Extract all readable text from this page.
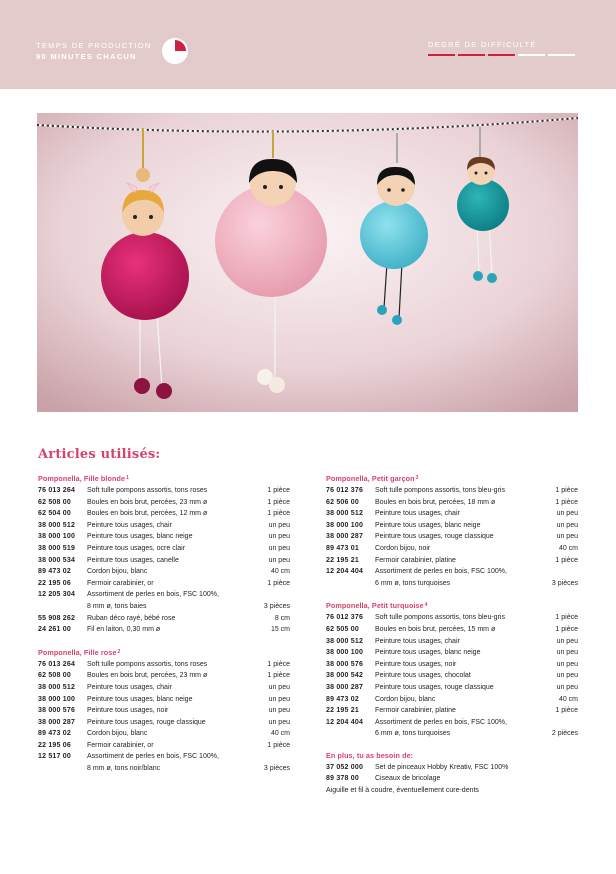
TEMPS DE PRODUCTION
90 MINUTES CHACUN
DEGRÉ DE DIFFICULTÉ
Articles utilisés:
Pomponella, Fille blonde$^1$
76 013 264	Soft tulle pompons assortis, tons roses	1 pièce
62 508 00	Boules en bois brut, percées, 23 mm ø	1 pièce
62 504 00	Boules en bois brut, percées, 12 mm ø	1 pièce
38 000 512	Peinture tous usages, chair	un peu
38 000 100	Peinture tous usages, blanc neige	un peu
38 000 519	Peinture tous usages, ocre clair	un peu
38 000 534	Peinture tous usages, canelle	un peu
89 473 02	Cordon bijou, blanc	40 cm
22 195 06	Fermoir carabinier, or	1 pièce
12 205 304	Assortiment de perles en bois, FSC 100%,
8 mm ø, tons baies	3 pièces
55 908 262	Ruban déco rayé, bébé rose	8 cm
24 261 00	Fil en laiton, 0,30 mm ø	15 cm
Pomponella, Fille rose$^2$
76 013 264	Soft tulle pompons assortis, tons roses	1 pièce
62 508 00	Boules en bois brut, percées, 23 mm ø	1 pièce
38 000 512	Peinture tous usages, chair	un peu
38 000 100	Peinture tous usages, blanc neige	un peu
38 000 576	Peinture tous usages, noir	un peu
38 000 287	Peinture tous usages, rouge classique	un peu
89 473 02	Cordon bijou, blanc	40 cm
22 195 06	Fermoir carabinier, or	1 pièce
12 517 00	Assortiment de perles en bois, FSC 100%,
8 mm ø, tons noir/blanc	3 pièces
Pomponella, Petit garçon$^3$
76 012 376	Soft tulle pompons assortis, tons bleu-gris	1 pièce
62 506 00	Boules en bois brut, percées, 18 mm ø	1 pièce
38 000 512	Peinture tous usages, chair	un peu
38 000 100	Peinture tous usages, blanc neige	un peu
38 000 287	Peinture tous usages, rouge classique	un peu
89 473 01	Cordon bijou, noir	40 cm
22 195 21	Fermoir carabinier, platine	1 pièce
12 204 404	Assortiment de perles en bois, FSC 100%,
6 mm ø, tons turquoises	3 pièces
Pomponella, Petit turquoise$^4$
76 012 376	Soft tulle pompons assortis, tons bleu-gris	1 pièce
62 505 00	Boules en bois brut, percées, 15 mm ø	1 pièce
38 000 512	Peinture tous usages, chair	un peu
38 000 100	Peinture tous usages, blanc neige	un peu
38 000 576	Peinture tous usages, noir	un peu
38 000 542	Peinture tous usages, chocolat	un peu
38 000 287	Peinture tous usages, rouge classique	un peu
89 473 02	Cordon bijou, blanc	40 cm
22 195 21	Fermoir carabinier, platine	1 pièce
12 204 404	Assortiment de perles en bois, FSC 100%,
6 mm ø, tons turquoises	2 pièces
En plus, tu as besoin de:
37 052 000	Set de pinceaux Hobby Kreativ, FSC 100%
89 378 00	Ciseaux de bricolage
Aiguille et fil à coudre, éventuellement cure-dents
